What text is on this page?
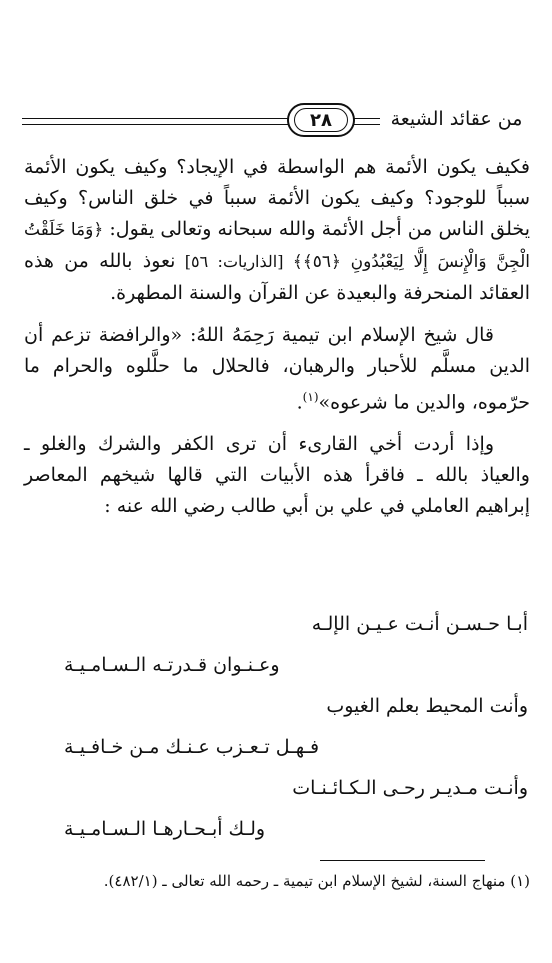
من عقائد الشيعة
٢٨

فكيف يكون الأئمة هم الواسطة في الإيجاد؟ وكيف يكون الأئمة سبباً للوجود؟ وكيف يكون الأئمة سبباً في خلق الناس؟ وكيف يخلق الناس من أجل الأئمة والله سبحانه وتعالى يقول: ﴿وَمَا خَلَقْتُ الْجِنَّ وَالْإِنسَ إِلَّا لِيَعْبُدُونِ ﴿٥٦﴾﴾ [الذاريات: ٥٦] نعوذ بالله من هذه العقائد المنحرفة والبعيدة عن القرآن والسنة المطهرة.

قال شيخ الإسلام ابن تيمية رَحِمَهُ اللهُ: «والرافضة تزعم أن الدين مسلَّم للأحبار والرهبان، فالحلال ما حلَّلوه والحرام ما حرّموه، والدين ما شرعوه»$^{(١)}$.

وإذا أردت أخي القارىء أن ترى الكفر والشرك والغلو ـ والعياذ بالله ـ فاقرأ هذه الأبيات التي قالها شيخهم المعاصر إبراهيم العاملي في علي بن أبي طالب رضي الله عنه :

أبـا حـسـن أنـت عـيـن الإلـه
وعـنـوان قـدرتـه الـسـامـيـة
وأنت المحيط بعلم الغيوب
فـهـل تـعـزب عـنـك مـن خـافـيـة
وأنـت مـديـر رحـى الـكـائـنـات
ولـك أبـحـارهـا الـسـامـيـة
(١) منهاج السنة، لشيخ الإسلام ابن تيمية ـ رحمه الله تعالى ـ (٤٨٢/١).
